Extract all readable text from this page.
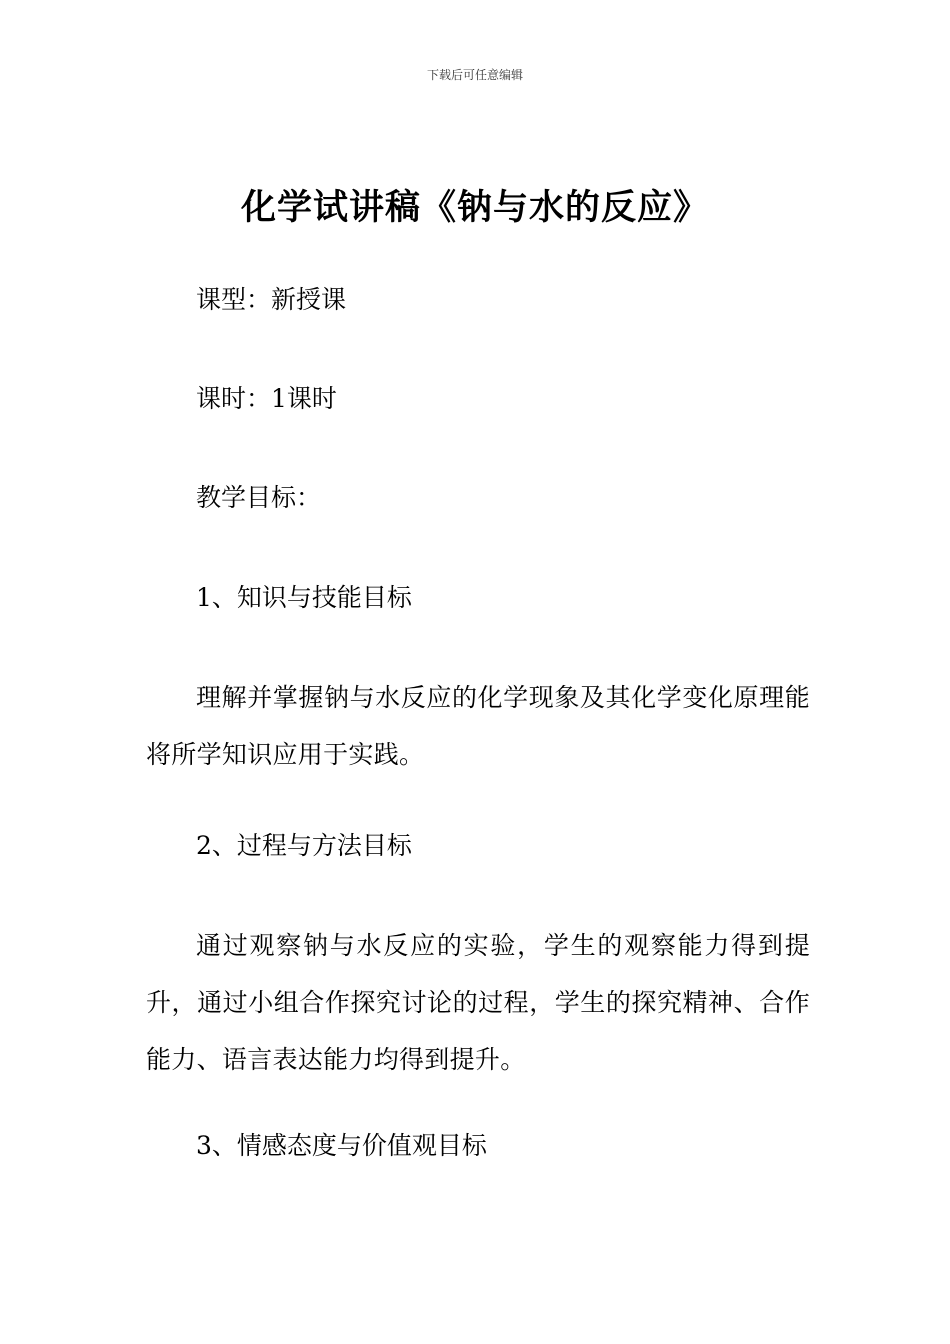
下载后可任意编辑
化学试讲稿《钠与水的反应》
课型：新授课
课时：1课时
教学目标：
1、知识与技能目标
理解并掌握钠与水反应的化学现象及其化学变化原理能将所学知识应用于实践。
2、过程与方法目标
通过观察钠与水反应的实验，学生的观察能力得到提升，通过小组合作探究讨论的过程，学生的探究精神、合作能力、语言表达能力均得到提升。
3、情感态度与价值观目标
